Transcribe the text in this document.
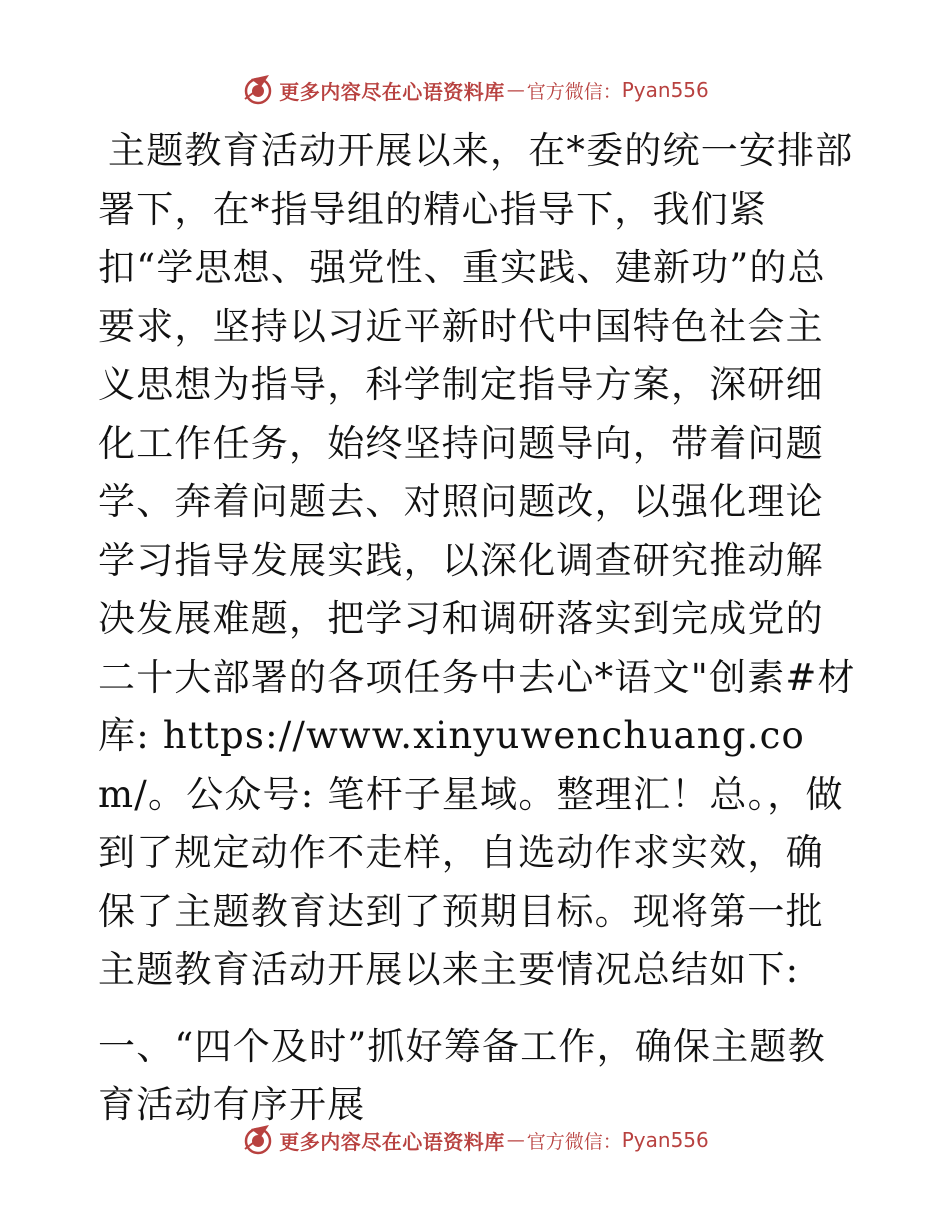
更多内容尽在心语资料库 — 官方微信： Pyan556

主题教育活动开展以来，在*委的统一安排部署下，在*指导组的精心指导下，我们紧扣“学思想、强党性、重实践、建新功”的总要求，坚持以习近平新时代中国特色社会主义思想为指导，科学制定指导方案，深研细化工作任务，始终坚持问题导向，带着问题学、奔着问题去、对照问题改，以强化理论学习指导发展实践，以深化调查研究推动解决发展难题，把学习和调研落实到完成党的二十大部署的各项任务中去心*语文"创素#材库: https://www.xinyuwenchuang.com/。公众号: 笔杆子星域。整理汇！总。，做到了规定动作不走样，自选动作求实效，确保了主题教育达到了预期目标。现将第一批主题教育活动开展以来主要情况总结如下:

一、“四个及时”抓好筹备工作，确保主题教育活动有序开展

更多内容尽在心语资料库 — 官方微信： Pyan556
